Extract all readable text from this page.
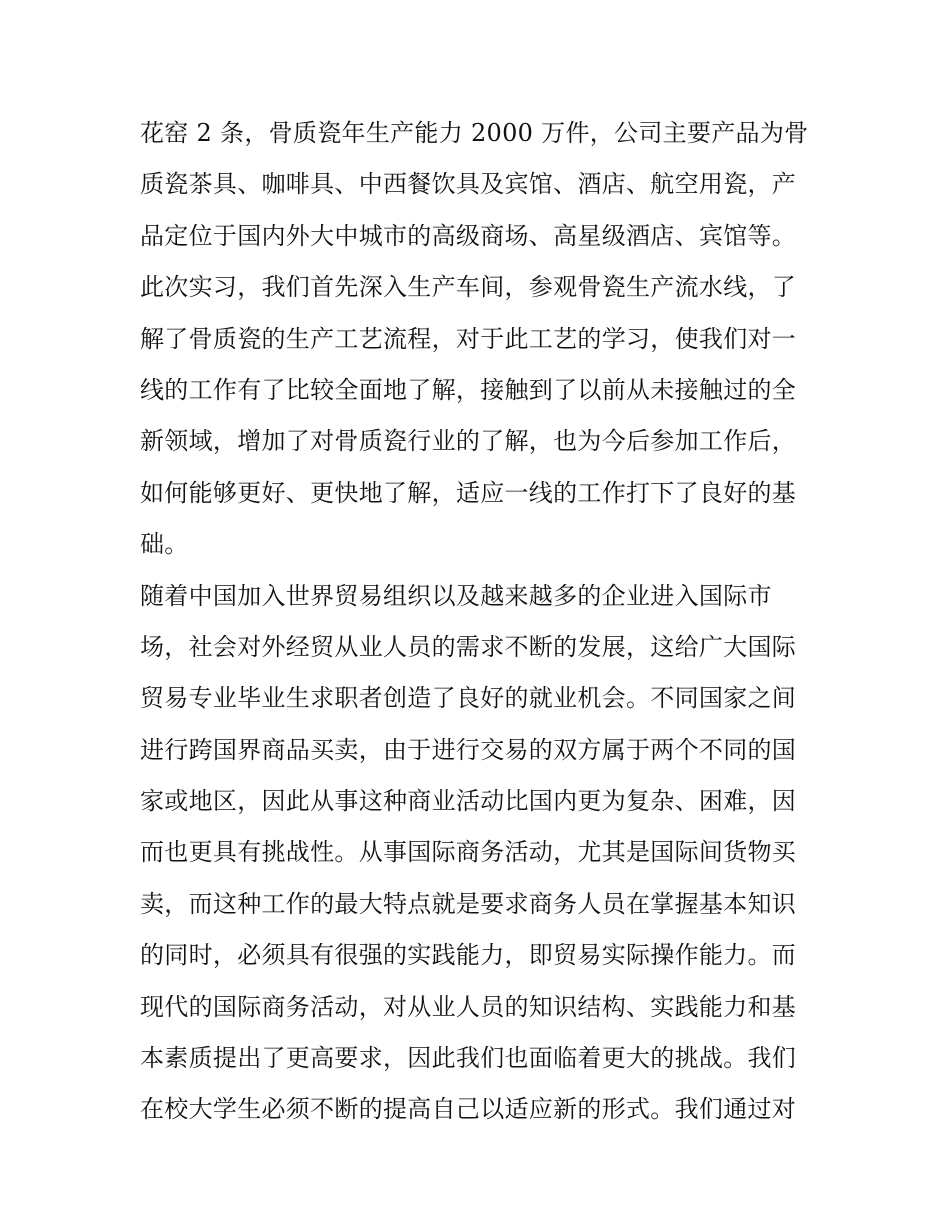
花窑 2 条，骨质瓷年生产能力 2000 万件，公司主要产品为骨
质瓷茶具、咖啡具、中西餐饮具及宾馆、酒店、航空用瓷，产
品定位于国内外大中城市的高级商场、高星级酒店、宾馆等。
此次实习，我们首先深入生产车间，参观骨瓷生产流水线，了
解了骨质瓷的生产工艺流程，对于此工艺的学习，使我们对一
线的工作有了比较全面地了解，接触到了以前从未接触过的全
新领域，增加了对骨质瓷行业的了解，也为今后参加工作后，
如何能够更好、更快地了解，适应一线的工作打下了良好的基
础。
随着中国加入世界贸易组织以及越来越多的企业进入国际市
场，社会对外经贸从业人员的需求不断的发展，这给广大国际
贸易专业毕业生求职者创造了良好的就业机会。不同国家之间
进行跨国界商品买卖，由于进行交易的双方属于两个不同的国
家或地区，因此从事这种商业活动比国内更为复杂、困难，因
而也更具有挑战性。从事国际商务活动，尤其是国际间货物买
卖，而这种工作的最大特点就是要求商务人员在掌握基本知识
的同时，必须具有很强的实践能力，即贸易实际操作能力。而
现代的国际商务活动，对从业人员的知识结构、实践能力和基
本素质提出了更高要求，因此我们也面临着更大的挑战。我们
在校大学生必须不断的提高自己以适应新的形式。我们通过对
